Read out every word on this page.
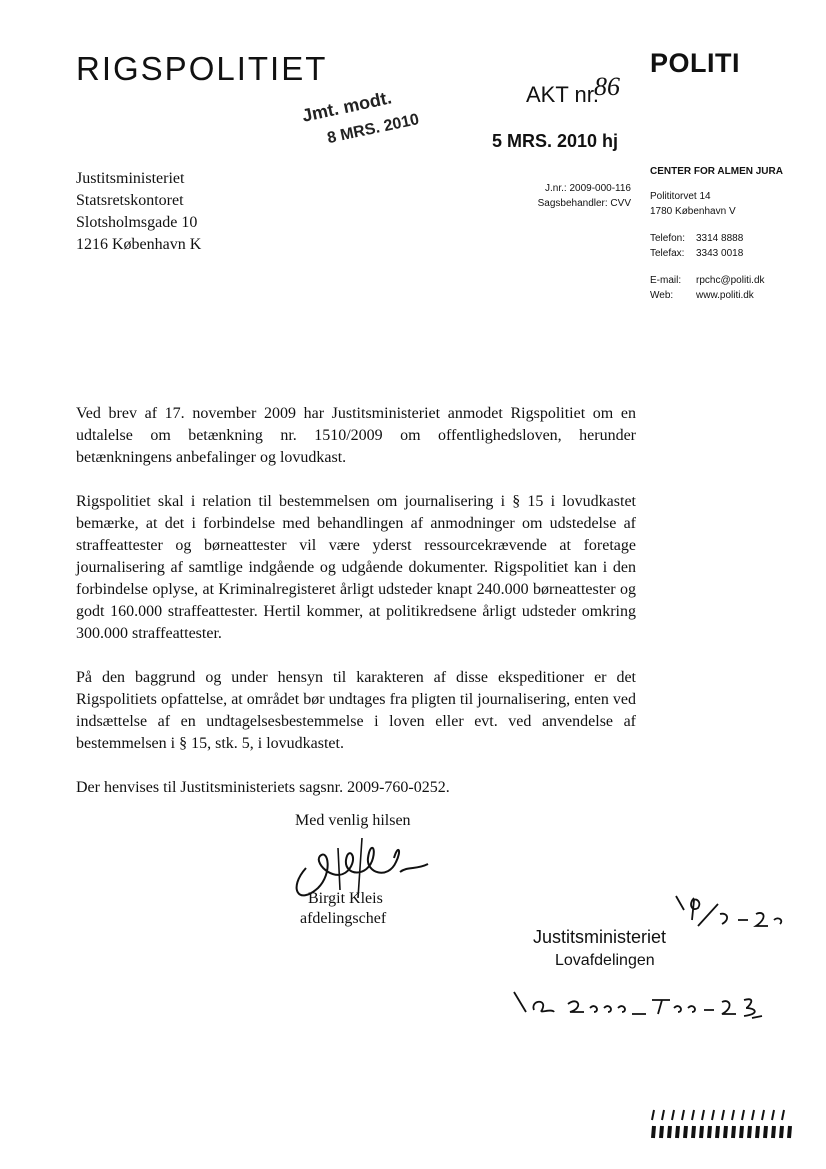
RIGSPOLITIET	POLITI
Jmt. modt.
8 MRS. 2010
AKT nr.
86
5 MRS. 2010 hj
Justitsministeriet
Statsretskontoret
Slotsholmsgade 10
1216 København K
J.nr.: 2009-000-116
Sagsbehandler: CVV
CENTER FOR ALMEN JURA
Polititorvet 14
1780 København V
Telefon:	3314 8888
Telefax:	3343 0018
E-mail:	rpchc@politi.dk
Web:	www.politi.dk

Ved brev af 17. november 2009 har Justitsministeriet anmodet Rigspolitiet om en udtalelse om betænkning nr. 1510/2009 om offentlighedsloven, herunder betænkningens anbefalinger og lovudkast.

Rigspolitiet skal i relation til bestemmelsen om journalisering i § 15 i lovudkastet bemærke, at det i forbindelse med behandlingen af anmodninger om udstedelse af straffeattester og børneattester vil være yderst ressourcekrævende at foretage journalisering af samtlige indgående og udgående dokumenter. Rigspolitiet kan i den forbindelse oplyse, at Kriminalregisteret årligt udsteder knapt 240.000 børneattester og godt 160.000 straffeattester. Hertil kommer, at politikredsene årligt udsteder omkring 300.000 straffeattester.

På den baggrund og under hensyn til karakteren af disse ekspeditioner er det Rigspolitiets opfattelse, at området bør undtages fra pligten til journalisering, enten ved indsættelse af en undtagelsesbestemmelse i loven eller evt. ved anvendelse af bestemmelsen i § 15, stk. 5, i lovudkastet.

Der henvises til Justitsministeriets sagsnr. 2009-760-0252.

Med venlig hilsen
Birgit Kleis
afdelingschef
Justitsministeriet
Lovafdelingen
